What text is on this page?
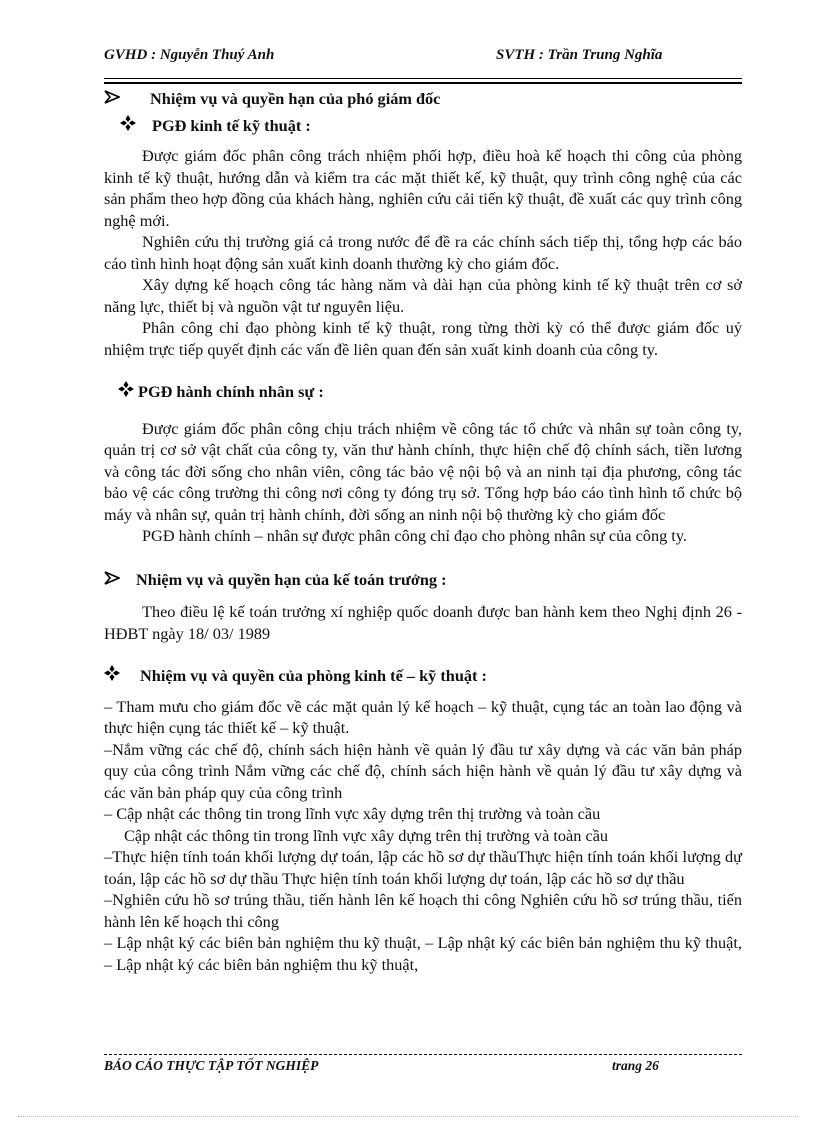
GVHD : Nguyễn Thuý Anh	SVTH : Trần Trung Nghĩa

Nhiệm vụ và quyền hạn của phó giám đốc

PGĐ kinh tế kỹ thuật :

Được giám đốc phân công trách nhiệm phối hợp, điều hoà kế hoạch thi công của phòng kinh tế kỹ thuật, hướng dẫn và kiểm tra các mặt thiết kế, kỹ thuật, quy trình công nghệ của các sản phẩm theo hợp đồng của khách hàng, nghiên cứu cải tiến kỹ thuật, đề xuất các quy trình công nghệ mới.

Nghiên cứu thị trường giá cả trong nước để đề ra các chính sách tiếp thị, tổng hợp các báo cáo tình hình hoạt động sản xuất kinh doanh thường kỳ cho giám đốc.

Xây dựng kế hoạch công tác hàng năm và dài hạn của phòng kinh tế kỹ thuật trên cơ sở năng lực, thiết bị và nguồn vật tư nguyên liệu.

Phân công chỉ đạo phòng kinh tế kỹ thuật, rong từng thời kỳ có thể được giám đốc uỷ nhiệm trực tiếp quyết định các vấn đề liên quan đến sản xuất kinh doanh của công ty.

PGĐ hành chính nhân sự :

Được giám đốc phân công chịu trách nhiệm về công tác tổ chức và nhân sự toàn công ty, quản trị cơ sở vật chất của công ty, văn thư hành chính, thực hiện chế độ chính sách, tiền lương và công tác đời sống cho nhân viên, công tác bảo vệ nội bộ và an ninh tại địa phương, công tác bảo vệ các công trường thi công nơi công ty đóng trụ sở. Tổng hợp báo cáo tình hình tổ chức bộ máy và nhân sự, quản trị hành chính, đời sống an ninh nội bộ thường kỳ cho giám đốc

PGĐ hành chính – nhân sự được phân công chỉ đạo cho phòng nhân sự của công ty.

Nhiệm vụ và quyền hạn của kế toán trưởng :

Theo điều lệ kế toán trưởng xí nghiệp quốc doanh được ban hành kem theo Nghị định 26 - HĐBT ngày 18/ 03/ 1989

Nhiệm vụ và quyền của phòng kinh tế – kỹ thuật :

– Tham mưu cho giám đốc về các mặt quản lý kế hoạch – kỹ thuật, cụng tác an toàn lao động và thực hiện cụng tác thiết kế – kỹ thuật.

–Nắm vững các chế độ, chính sách hiện hành về quản lý đầu tư xây dựng và các văn bản pháp quy của công trình Nắm vững các chế độ, chính sách hiện hành về quản lý đầu tư xây dựng và các văn bản pháp quy của công trình

– Cập nhật các thông tin trong lĩnh vực xây dựng trên thị trường và toàn cầu

Cập nhật các thông tin trong lĩnh vực xây dựng trên thị trường và toàn cầu

–Thực hiện tính toán khối lượng dự toán, lập các hồ sơ dự thầuThực hiện tính toán khối lượng dự toán, lập các hồ sơ dự thầu Thực hiện tính toán khối lượng dự toán, lập các hồ sơ dự thầu

–Nghiên cứu hồ sơ trúng thầu, tiến hành lên kế hoạch thi công Nghiên cứu hồ sơ trúng thầu, tiến hành lên kế hoạch thi công

– Lập nhật ký các biên bản nghiệm thu kỹ thuật, – Lập nhật ký các biên bản nghiệm thu kỹ thuật, – Lập nhật ký các biên bản nghiệm thu kỹ thuật,

BÁO CÁO THỰC TẬP TỐT NGHIỆP	trang 26
